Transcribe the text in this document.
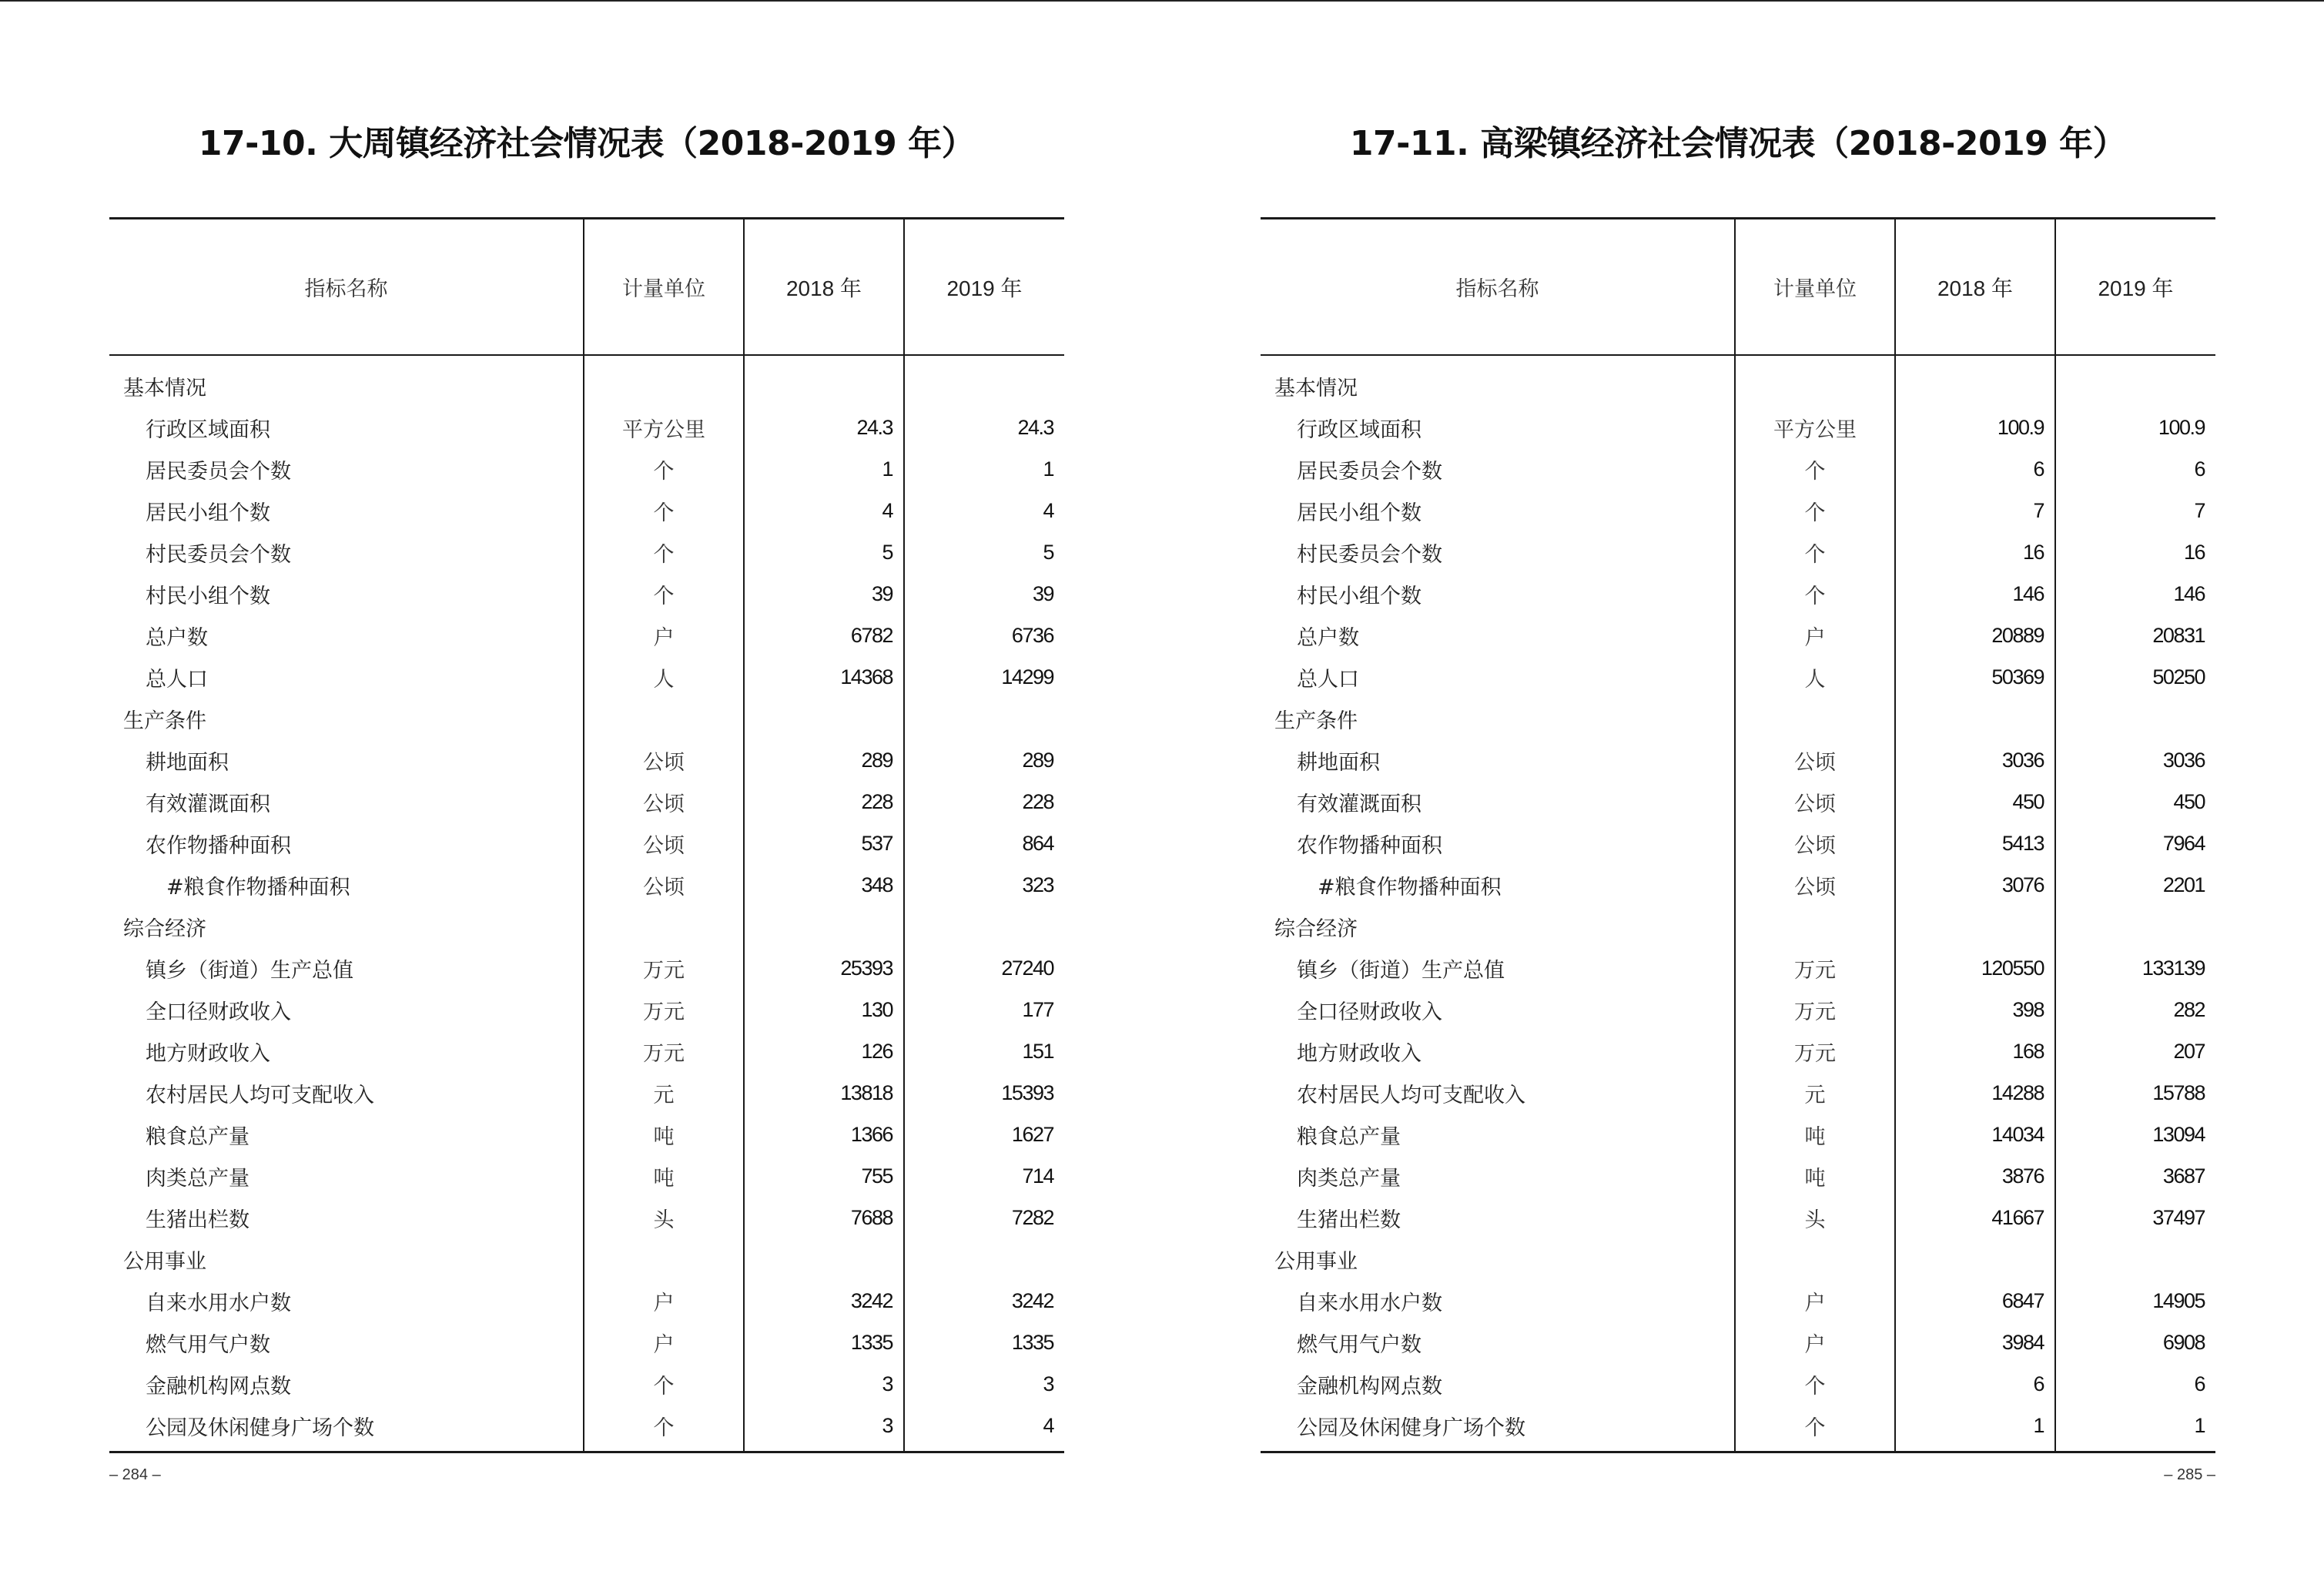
17-10. 大周镇经济社会情况表（2018-2019 年）
指标名称	计量单位	2018 年	2019 年
基本情况			
行政区域面积	平方公里	24.3	24.3
居民委员会个数	个	1	1
居民小组个数	个	4	4
村民委员会个数	个	5	5
村民小组个数	个	39	39
总户数	户	6782	6736
总人口	人	14368	14299
生产条件			
耕地面积	公顷	289	289
有效灌溉面积	公顷	228	228
农作物播种面积	公顷	537	864
#粮食作物播种面积	公顷	348	323
综合经济			
镇乡（街道）生产总值	万元	25393	27240
全口径财政收入	万元	130	177
地方财政收入	万元	126	151
农村居民人均可支配收入	元	13818	15393
粮食总产量	吨	1366	1627
肉类总产量	吨	755	714
生猪出栏数	头	7688	7282
公用事业			
自来水用水户数	户	3242	3242
燃气用气户数	户	1335	1335
金融机构网点数	个	3	3
公园及休闲健身广场个数	个	3	4
– 284 –
17-11. 高梁镇经济社会情况表（2018-2019 年）
指标名称	计量单位	2018 年	2019 年
基本情况			
行政区域面积	平方公里	100.9	100.9
居民委员会个数	个	6	6
居民小组个数	个	7	7
村民委员会个数	个	16	16
村民小组个数	个	146	146
总户数	户	20889	20831
总人口	人	50369	50250
生产条件			
耕地面积	公顷	3036	3036
有效灌溉面积	公顷	450	450
农作物播种面积	公顷	5413	7964
#粮食作物播种面积	公顷	3076	2201
综合经济			
镇乡（街道）生产总值	万元	120550	133139
全口径财政收入	万元	398	282
地方财政收入	万元	168	207
农村居民人均可支配收入	元	14288	15788
粮食总产量	吨	14034	13094
肉类总产量	吨	3876	3687
生猪出栏数	头	41667	37497
公用事业			
自来水用水户数	户	6847	14905
燃气用气户数	户	3984	6908
金融机构网点数	个	6	6
公园及休闲健身广场个数	个	1	1
– 285 –
